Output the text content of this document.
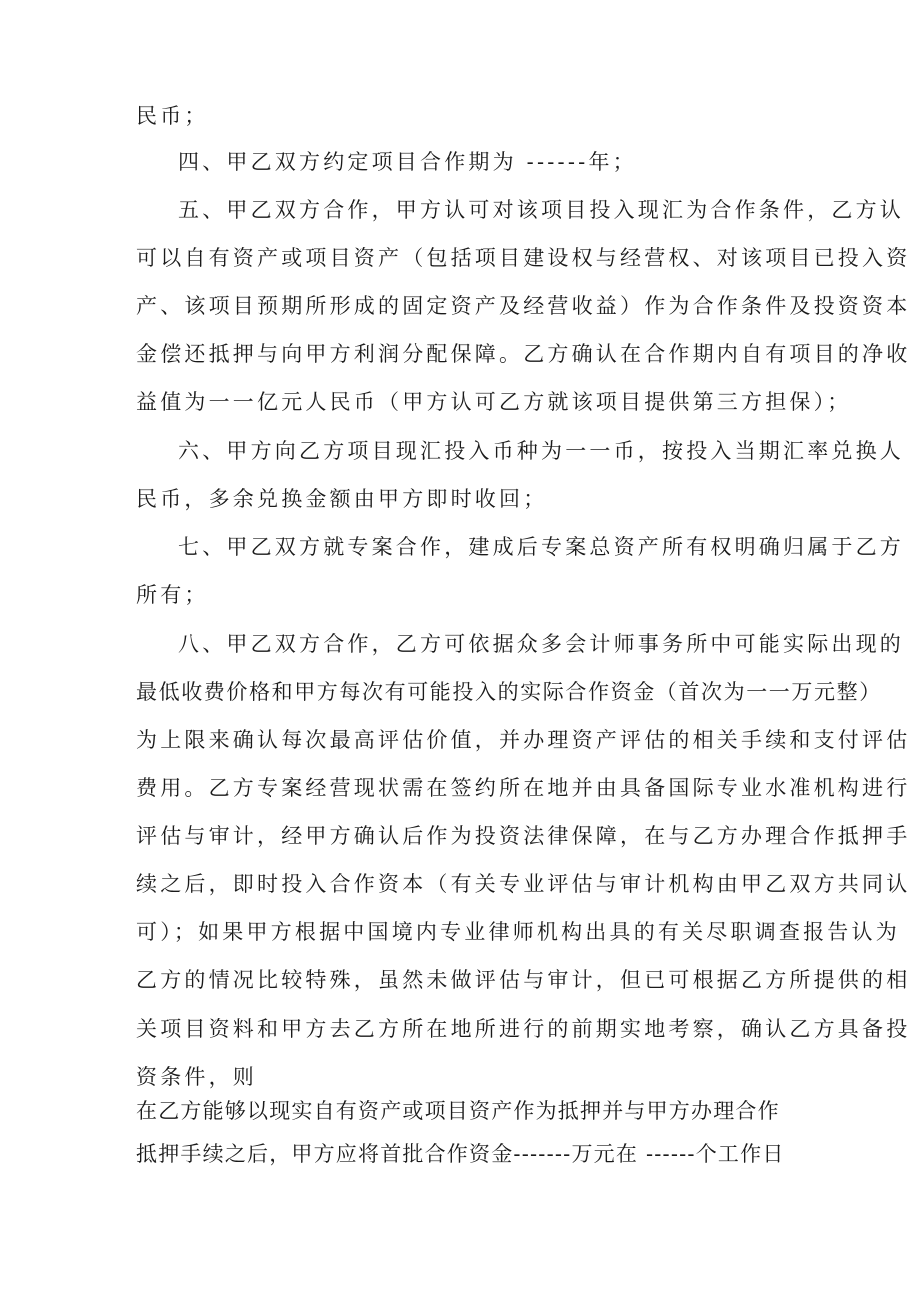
民币；
四、甲乙双方约定项目合作期为 ------年；
五、甲乙双方合作，甲方认可对该项目投入现汇为合作条件，乙方认
可以自有资产或项目资产（包括项目建设权与经营权、对该项目已投入资
产、该项目预期所形成的固定资产及经营收益）作为合作条件及投资资本
金偿还抵押与向甲方利润分配保障。乙方确认在合作期内自有项目的净收
益值为一一亿元人民币（甲方认可乙方就该项目提供第三方担保）；
六、甲方向乙方项目现汇投入币种为一一币，按投入当期汇率兑换人
民币，多余兑换金额由甲方即时收回；
七、甲乙双方就专案合作，建成后专案总资产所有权明确归属于乙方
所有；
八、甲乙双方合作，乙方可依据众多会计师事务所中可能实际出现的
最低收费价格和甲方每次有可能投入的实际合作资金（首次为一一万元整）
为上限来确认每次最高评估价值，并办理资产评估的相关手续和支付评估
费用。乙方专案经营现状需在签约所在地并由具备国际专业水准机构进行
评估与审计，经甲方确认后作为投资法律保障，在与乙方办理合作抵押手
续之后，即时投入合作资本（有关专业评估与审计机构由甲乙双方共同认
可）；如果甲方根据中国境内专业律师机构出具的有关尽职调查报告认为
乙方的情况比较特殊，虽然未做评估与审计，但已可根据乙方所提供的相
关项目资料和甲方去乙方所在地所进行的前期实地考察，确认乙方具备投
资条件，则
在乙方能够以现实自有资产或项目资产作为抵押并与甲方办理合作
抵押手续之后，甲方应将首批合作资金-------万元在 ------个工作日
